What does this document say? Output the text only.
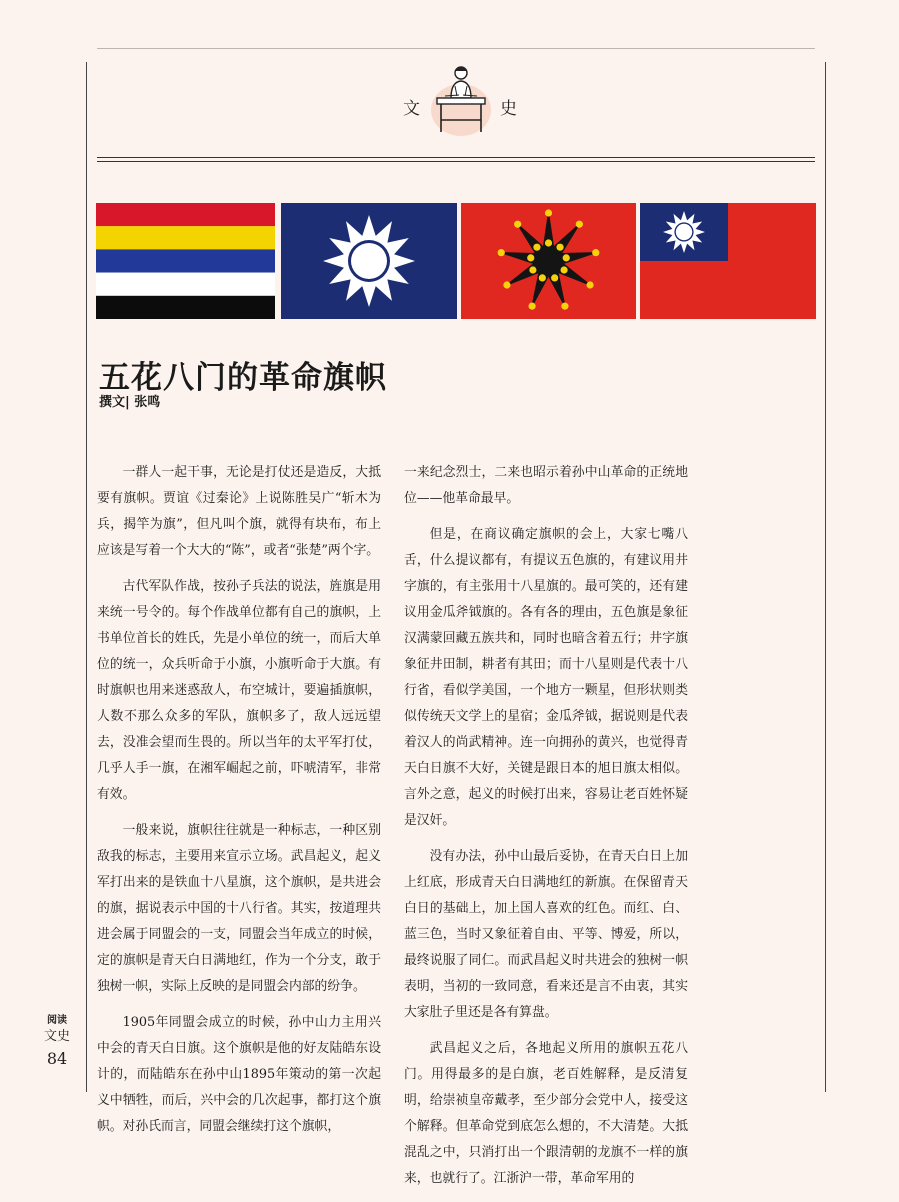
文	史
五花八门的革命旗帜
撰文| 张鸣

一群人一起干事，无论是打仗还是造反，大抵要有旗帜。贾谊《过秦论》上说陈胜吴广“斩木为兵，揭竿为旗”，但凡叫个旗，就得有块布，布上应该是写着一个大大的“陈”，或者“张楚”两个字。

古代军队作战，按孙子兵法的说法，旌旗是用来统一号令的。每个作战单位都有自己的旗帜，上书单位首长的姓氏，先是小单位的统一，而后大单位的统一，众兵听命于小旗，小旗听命于大旗。有时旗帜也用来迷惑敌人，布空城计，要遍插旗帜，人数不那么众多的军队，旗帜多了，敌人远远望去，没准会望而生畏的。所以当年的太平军打仗，几乎人手一旗，在湘军崛起之前，吓唬清军，非常有效。

一般来说，旗帜往往就是一种标志，一种区别敌我的标志，主要用来宣示立场。武昌起义，起义军打出来的是铁血十八星旗，这个旗帜，是共进会的旗，据说表示中国的十八行省。其实，按道理共进会属于同盟会的一支，同盟会当年成立的时候，定的旗帜是青天白日满地红，作为一个分支，敢于独树一帜，实际上反映的是同盟会内部的纷争。

1905年同盟会成立的时候，孙中山力主用兴中会的青天白日旗。这个旗帜是他的好友陆皓东设计的，而陆皓东在孙中山1895年策动的第一次起义中牺牲，而后，兴中会的几次起事，都打这个旗帜。对孙氏而言，同盟会继续打这个旗帜，

一来纪念烈士，二来也昭示着孙中山革命的正统地位——他革命最早。

但是，在商议确定旗帜的会上，大家七嘴八舌，什么提议都有，有提议五色旗的，有建议用井字旗的，有主张用十八星旗的。最可笑的，还有建议用金瓜斧钺旗的。各有各的理由，五色旗是象征汉满蒙回藏五族共和，同时也暗含着五行；井字旗象征井田制，耕者有其田；而十八星则是代表十八行省，看似学美国，一个地方一颗星，但形状则类似传统天文学上的星宿；金瓜斧钺，据说则是代表着汉人的尚武精神。连一向拥孙的黄兴，也觉得青天白日旗不大好，关键是跟日本的旭日旗太相似。言外之意，起义的时候打出来，容易让老百姓怀疑是汉奸。

没有办法，孙中山最后妥协，在青天白日上加上红底，形成青天白日满地红的新旗。在保留青天白日的基础上，加上国人喜欢的红色。而红、白、蓝三色，当时又象征着自由、平等、博爱，所以，最终说服了同仁。而武昌起义时共进会的独树一帜表明，当初的一致同意，看来还是言不由衷，其实大家肚子里还是各有算盘。

武昌起义之后，各地起义所用的旗帜五花八门。用得最多的是白旗，老百姓解释，是反清复明，给崇祯皇帝戴孝，至少部分会党中人，接受这个解释。但革命党到底怎么想的，不大清楚。大抵混乱之中，只消打出一个跟清朝的龙旗不一样的旗来，也就行了。江浙沪一带，革命军用的

阅读
文史
84
